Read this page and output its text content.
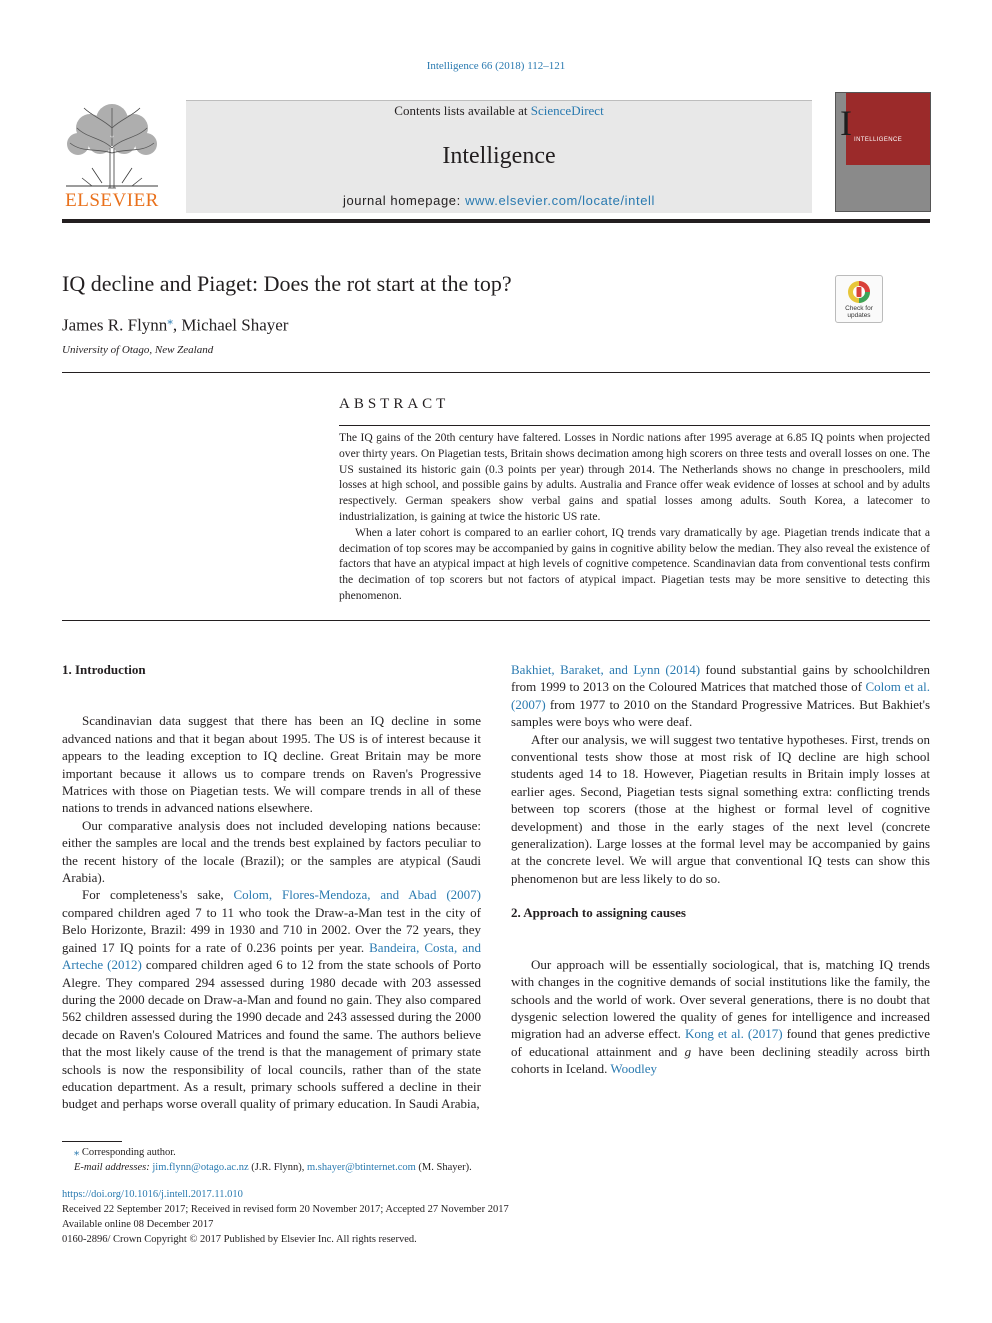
Intelligence 66 (2018) 112–121
ELSEVIER
Contents lists available at ScienceDirect
Intelligence
journal homepage: www.elsevier.com/locate/intell
I INTELLIGENCE
IQ decline and Piaget: Does the rot start at the top?
Check for updates
James R. Flynn⁎, Michael Shayer
University of Otago, New Zealand
ABSTRACT

The IQ gains of the 20th century have faltered. Losses in Nordic nations after 1995 average at 6.85 IQ points when projected over thirty years. On Piagetian tests, Britain shows decimation among high scorers on three tests and overall losses on one. The US sustained its historic gain (0.3 points per year) through 2014. The Netherlands shows no change in preschoolers, mild losses at high school, and possible gains by adults. Australia and France offer weak evidence of losses at school and by adults respectively. German speakers show verbal gains and spatial losses among adults. South Korea, a latecomer to industrialization, is gaining at twice the historic US rate.

When a later cohort is compared to an earlier cohort, IQ trends vary dramatically by age. Piagetian trends indicate that a decimation of top scores may be accompanied by gains in cognitive ability below the median. They also reveal the existence of factors that have an atypical impact at high levels of cognitive competence. Scandinavian data from conventional tests confirm the decimation of top scorers but not factors of atypical impact. Piagetian tests may be more sensitive to detecting this phenomenon.

1. Introduction

Scandinavian data suggest that there has been an IQ decline in some advanced nations and that it began about 1995. The US is of interest because it appears to the leading exception to IQ decline. Great Britain may be more important because it allows us to compare trends on Raven's Progressive Matrices with those on Piagetian tests. We will compare trends in all of these nations to trends in advanced nations elsewhere.

Our comparative analysis does not included developing nations because: either the samples are local and the trends best explained by factors peculiar to the recent history of the locale (Brazil); or the samples are atypical (Saudi Arabia).

For completeness's sake, Colom, Flores-Mendoza, and Abad (2007) compared children aged 7 to 11 who took the Draw-a-Man test in the city of Belo Horizonte, Brazil: 499 in 1930 and 710 in 2002. Over the 72 years, they gained 17 IQ points for a rate of 0.236 points per year. Bandeira, Costa, and Arteche (2012) compared children aged 6 to 12 from the state schools of Porto Alegre. They compared 294 assessed during 1980 decade with 203 assessed during the 2000 decade on Draw-a-Man and found no gain. They also compared 562 children assessed during the 1990 decade and 243 assessed during the 2000 decade on Raven's Coloured Matrices and found the same. The authors believe that the most likely cause of the trend is that the management of primary state schools is now the responsibility of local councils, rather than of the state education department. As a result, primary schools suffered a decline in their budget and perhaps worse overall quality of primary education. In Saudi Arabia,

Bakhiet, Baraket, and Lynn (2014) found substantial gains by schoolchildren from 1999 to 2013 on the Coloured Matrices that matched those of Colom et al. (2007) from 1977 to 2010 on the Standard Progressive Matrices. But Bakhiet's samples were boys who were deaf.

After our analysis, we will suggest two tentative hypotheses. First, trends on conventional tests show those at most risk of IQ decline are high school students aged 14 to 18. However, Piagetian results in Britain imply losses at earlier ages. Second, Piagetian tests signal something extra: conflicting trends between top scorers (those at the highest or formal level of cognitive development) and those in the early stages of the next level (concrete generalization). Large losses at the formal level may be accompanied by gains at the concrete level. We will argue that conventional IQ tests can show this phenomenon but are less likely to do so.

2. Approach to assigning causes

Our approach will be essentially sociological, that is, matching IQ trends with changes in the cognitive demands of social institutions like the family, the schools and the world of work. Over several generations, there is no doubt that dysgenic selection lowered the quality of genes for intelligence and increased migration had an adverse effect. Kong et al. (2017) found that genes predictive of educational attainment and g have been declining steadily across birth cohorts in Iceland. Woodley

⁎ Corresponding author.
E-mail addresses: jim.flynn@otago.ac.nz (J.R. Flynn), m.shayer@btinternet.com (M. Shayer).
https://doi.org/10.1016/j.intell.2017.11.010
Received 22 September 2017; Received in revised form 20 November 2017; Accepted 27 November 2017
Available online 08 December 2017
0160-2896/ Crown Copyright © 2017 Published by Elsevier Inc. All rights reserved.
